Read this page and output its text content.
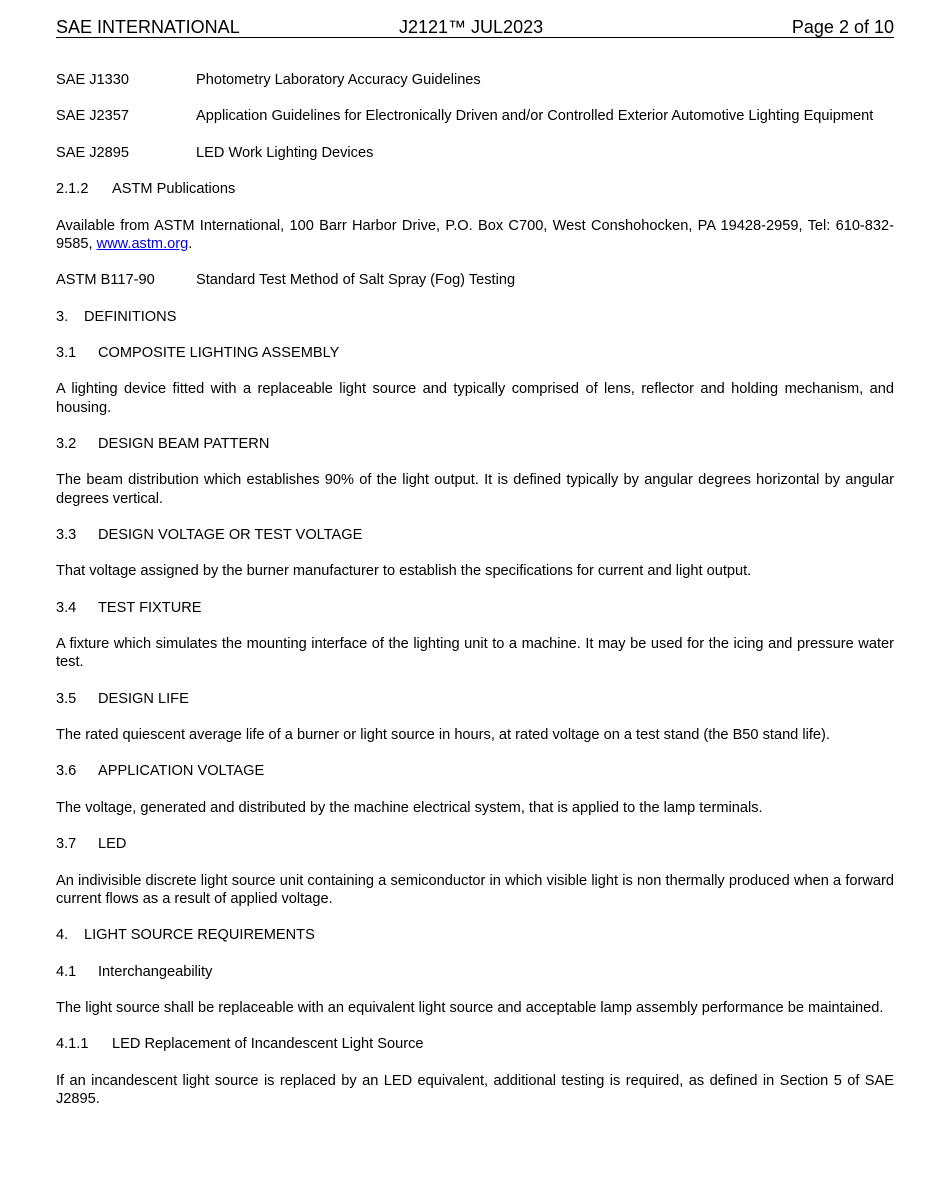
SAE INTERNATIONAL	J2121™ JUL2023	Page 2 of 10
SAE J1330	Photometry Laboratory Accuracy Guidelines
SAE J2357	Application Guidelines for Electronically Driven and/or Controlled Exterior Automotive Lighting Equipment
SAE J2895	LED Work Lighting Devices
2.1.2	ASTM Publications
Available from ASTM International, 100 Barr Harbor Drive, P.O. Box C700, West Conshohocken, PA 19428-2959, Tel: 610-832-9585, www.astm.org.
ASTM B117-90	Standard Test Method of Salt Spray (Fog) Testing
3.	DEFINITIONS
3.1	COMPOSITE LIGHTING ASSEMBLY
A lighting device fitted with a replaceable light source and typically comprised of lens, reflector and holding mechanism, and housing.
3.2	DESIGN BEAM PATTERN
The beam distribution which establishes 90% of the light output. It is defined typically by angular degrees horizontal by angular degrees vertical.
3.3	DESIGN VOLTAGE OR TEST VOLTAGE
That voltage assigned by the burner manufacturer to establish the specifications for current and light output.
3.4	TEST FIXTURE
A fixture which simulates the mounting interface of the lighting unit to a machine. It may be used for the icing and pressure water test.
3.5	DESIGN LIFE
The rated quiescent average life of a burner or light source in hours, at rated voltage on a test stand (the B50 stand life).
3.6	APPLICATION VOLTAGE
The voltage, generated and distributed by the machine electrical system, that is applied to the lamp terminals.
3.7	LED
An indivisible discrete light source unit containing a semiconductor in which visible light is non thermally produced when a forward current flows as a result of applied voltage.
4.	LIGHT SOURCE REQUIREMENTS
4.1	Interchangeability
The light source shall be replaceable with an equivalent light source and acceptable lamp assembly performance be maintained.
4.1.1	LED Replacement of Incandescent Light Source
If an incandescent light source is replaced by an LED equivalent, additional testing is required, as defined in Section 5 of SAE J2895.
